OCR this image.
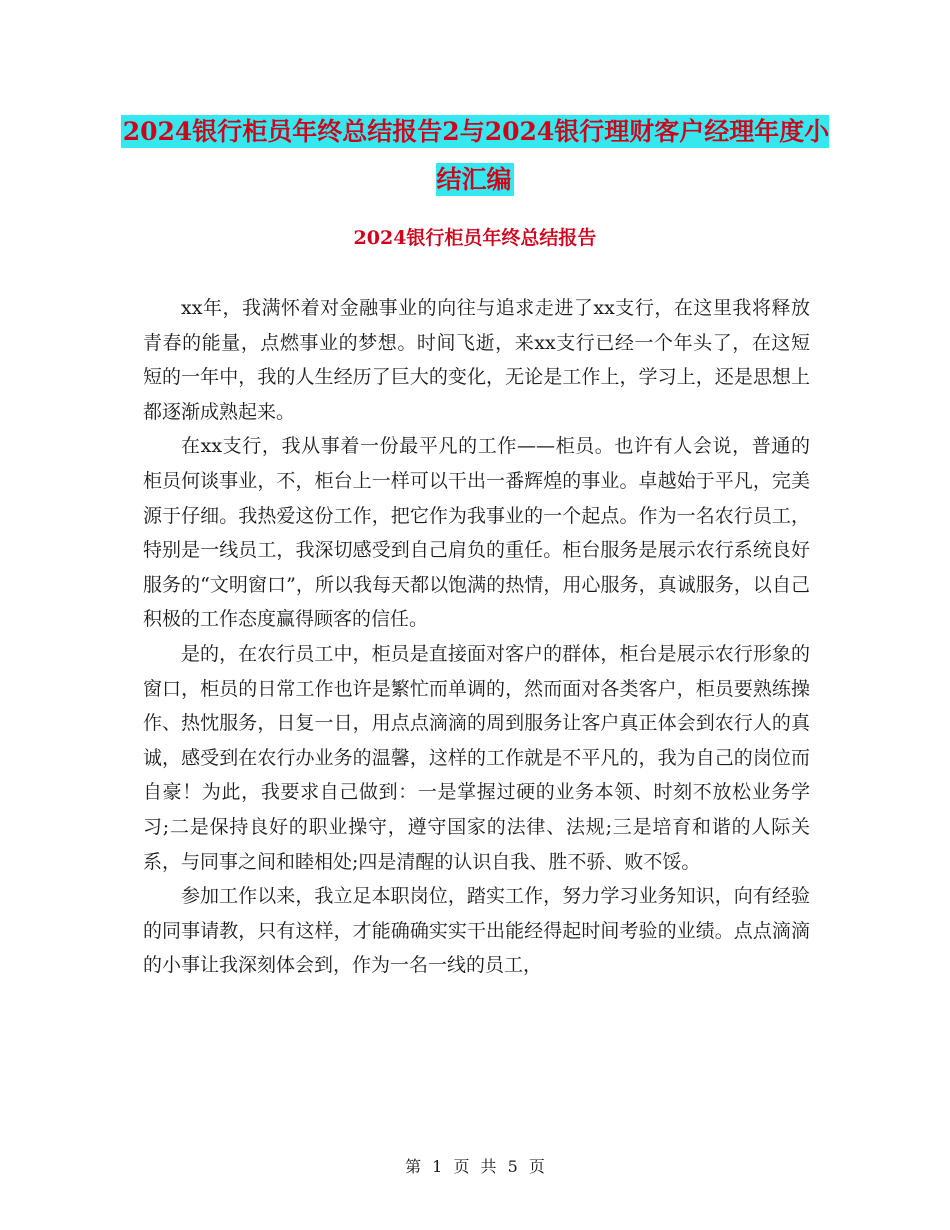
2024银行柜员年终总结报告2与2024银行理财客户经理年度小结汇编
2024银行柜员年终总结报告

xx年，我满怀着对金融事业的向往与追求走进了xx支行，在这里我将释放青春的能量，点燃事业的梦想。时间飞逝，来xx支行已经一个年头了，在这短短的一年中，我的人生经历了巨大的变化，无论是工作上，学习上，还是思想上都逐渐成熟起来。

在xx支行，我从事着一份最平凡的工作——柜员。也许有人会说，普通的柜员何谈事业，不，柜台上一样可以干出一番辉煌的事业。卓越始于平凡，完美源于仔细。我热爱这份工作，把它作为我事业的一个起点。作为一名农行员工，特别是一线员工，我深切感受到自己肩负的重任。柜台服务是展示农行系统良好服务的“文明窗口”，所以我每天都以饱满的热情，用心服务，真诚服务，以自己积极的工作态度赢得顾客的信任。

是的，在农行员工中，柜员是直接面对客户的群体，柜台是展示农行形象的窗口，柜员的日常工作也许是繁忙而单调的，然而面对各类客户，柜员要熟练操作、热忱服务，日复一日，用点点滴滴的周到服务让客户真正体会到农行人的真诚，感受到在农行办业务的温馨，这样的工作就是不平凡的，我为自己的岗位而自豪！为此，我要求自己做到：一是掌握过硬的业务本领、时刻不放松业务学习;二是保持良好的职业操守，遵守国家的法律、法规;三是培育和谐的人际关系，与同事之间和睦相处;四是清醒的认识自我、胜不骄、败不馁。

参加工作以来，我立足本职岗位，踏实工作，努力学习业务知识，向有经验的同事请教，只有这样，才能确确实实干出能经得起时间考验的业绩。点点滴滴的小事让我深刻体会到，作为一名一线的员工，

第 1 页 共 5 页
